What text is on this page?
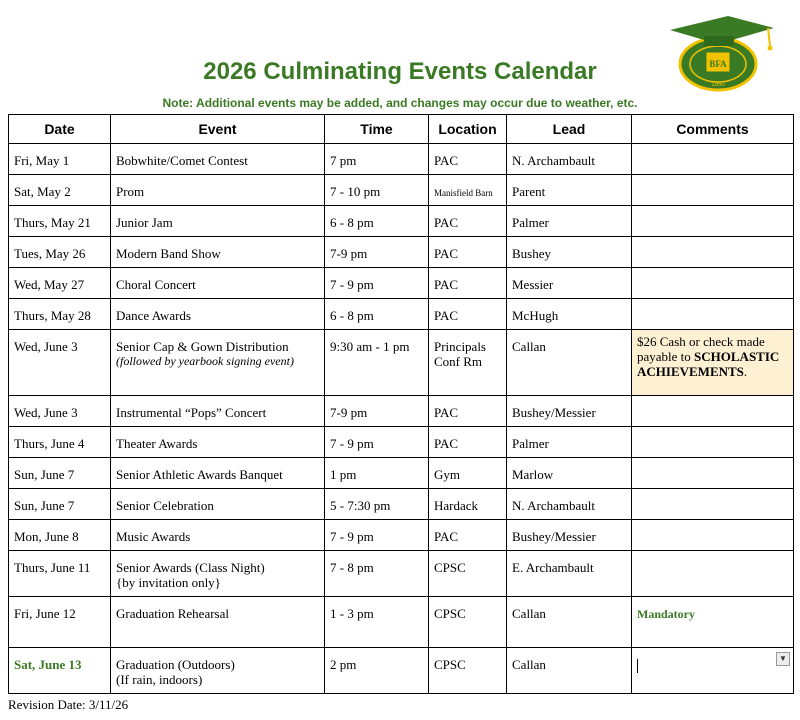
BFA
1950
2026 Culminating Events Calendar
Note: Additional events may be added, and changes may occur due to weather, etc.
Date	Event	Time	Location	Lead	Comments
Fri, May 1	Bobwhite/Comet Contest	7 pm	PAC	N. Archambault	
Sat, May 2	Prom	7 - 10 pm	Manisfield Barn	Parent	
Thurs, May 21	Junior Jam	6 - 8 pm	PAC	Palmer	
Tues, May 26	Modern Band Show	7-9 pm	PAC	Bushey	
Wed, May 27	Choral Concert	7 - 9 pm	PAC	Messier	
Thurs, May 28	Dance Awards	6 - 8 pm	PAC	McHugh	
Wed, June 3	Senior Cap & Gown Distribution
(followed by yearbook signing event)	9:30 am - 1 pm	Principals Conf Rm	Callan	$26 Cash or check made payable to SCHOLASTIC ACHIEVEMENTS.
Wed, June 3	Instrumental “Pops” Concert	7-9 pm	PAC	Bushey/Messier	
Thurs, June 4	Theater Awards	7 - 9 pm	PAC	Palmer	
Sun, June 7	Senior Athletic Awards Banquet	1 pm	Gym	Marlow	
Sun, June 7	Senior Celebration	5 - 7:30 pm	Hardack	N. Archambault	
Mon, June 8	Music Awards	7 - 9 pm	PAC	Bushey/Messier	
Thurs, June 11	Senior Awards (Class Night)
{by invitation only}	7 - 8 pm	CPSC	E. Archambault	
Fri, June 12	Graduation Rehearsal	1 - 3 pm	CPSC	Callan	Mandatory
Sat, June 13	Graduation (Outdoors)
(If rain, indoors)	2 pm	CPSC	Callan	▼
Revision Date: 3/11/26
